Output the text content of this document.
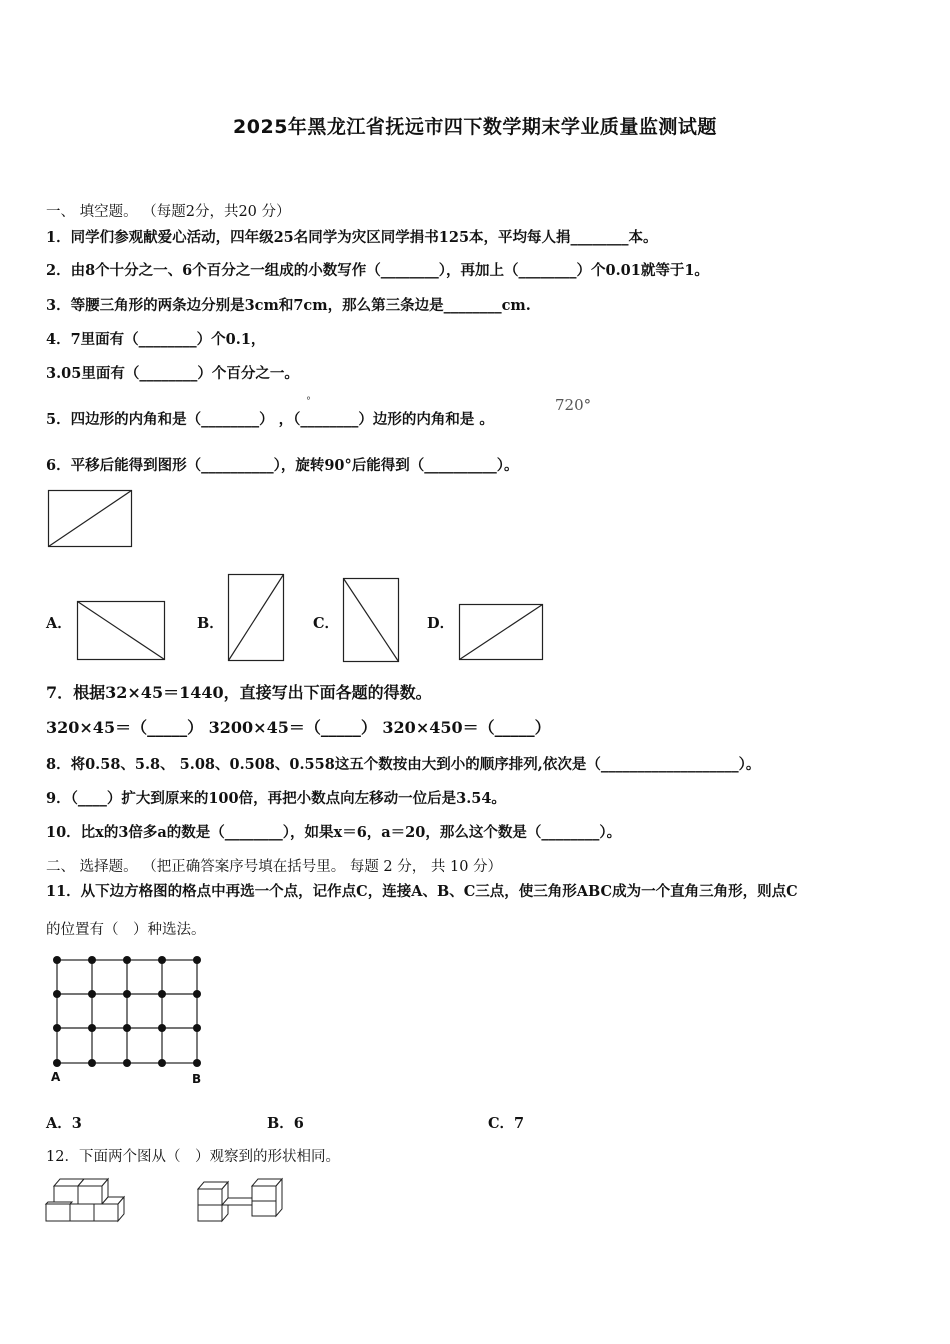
2025年黑龙江省抚远市四下数学期末学业质量监测试题
一、 填空题。 （每题2分，共20 分）
1．同学们参观献爱心活动，四年级25名同学为灾区同学捐书125本，平均每人捐________本。
2．由8个十分之一、6个百分之一组成的小数写作（________），再加上（________）个0.01就等于1。
3．等腰三角形的两条边分别是3cm和7cm，那么第三条边是________cm.
4．7里面有（________）个0.1，
3.05里面有（________）个百分之一。
5．四边形的内角和是（________） ，（________）边形的内角和是 。
°	720°
6．平移后能得到图形（__________），旋转90°后能得到（__________）。
A．	B．	C．	D．
7．根据32×45＝1440，直接写出下面各题的得数。
320×45＝（_____） 3200×45＝（_____） 320×450＝（_____）
8．将0.58、5.8、 5.08、0.508、0.558这五个数按由大到小的顺序排列,依次是（___________________）。
9．（____）扩大到原来的100倍，再把小数点向左移动一位后是3.54。
10．比x的3倍多a的数是（________），如果x＝6，a＝20，那么这个数是（________）。
二、 选择题。 （把正确答案序号填在括号里。 每题 2 分， 共 10 分）
11．从下边方格图的格点中再选一个点，记作点C，连接A、B、C三点，使三角形ABC成为一个直角三角形，则点C
的位置有（　）种选法。
A	B
A．3	B．6	C．7
12．下面两个图从（　）观察到的形状相同。
